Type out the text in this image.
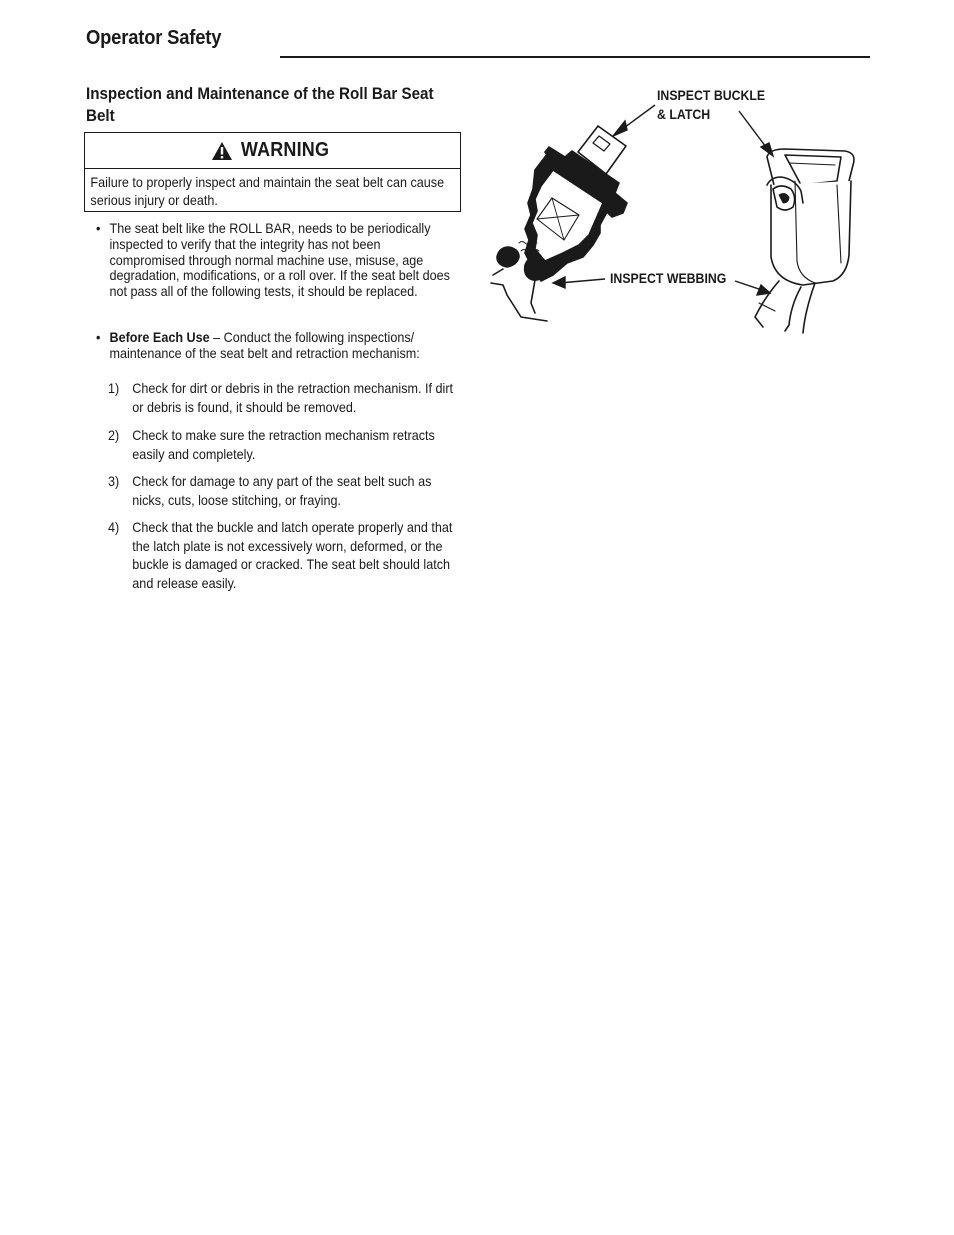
Operator Safety
Inspection and Maintenance of the Roll Bar Seat Belt
WARNING
Failure to properly inspect and maintain the seat belt can cause serious injury or death.
• The seat belt like the ROLL BAR, needs to be periodically inspected to verify that the integrity has not been compromised through normal machine use, misuse, age degradation, modifications, or a roll over. If the seat belt does not pass all of the following tests, it should be replaced.
• Before Each Use – Conduct the following inspections/ maintenance of the seat belt and retraction mechanism:
1) Check for dirt or debris in the retraction mechanism. If dirt or debris is found, it should be removed.
2) Check to make sure the retraction mechanism retracts easily and completely.
3) Check for damage to any part of the seat belt such as nicks, cuts, loose stitching, or fraying.
4) Check that the buckle and latch operate properly and that the latch plate is not excessively worn, deformed, or the buckle is damaged or cracked. The seat belt should latch and release easily.
INSPECT BUCKLE
& LATCH
INSPECT WEBBING
